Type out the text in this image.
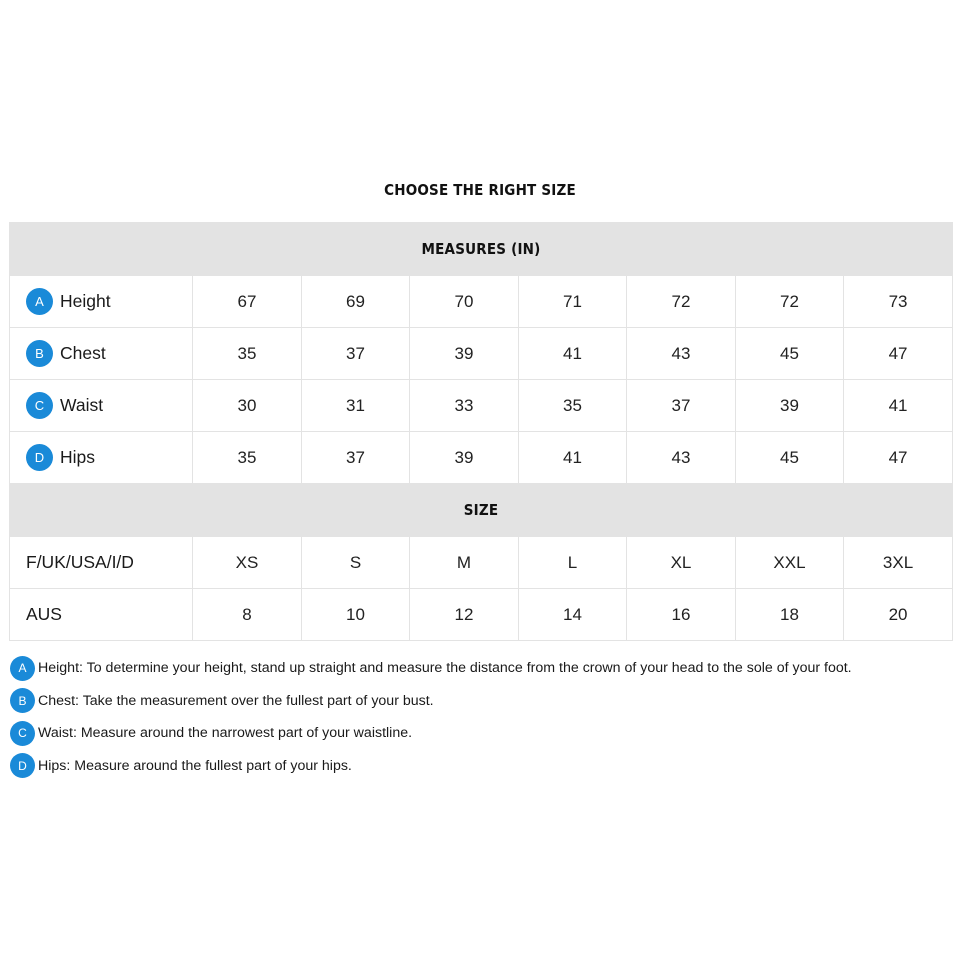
CHOOSE THE RIGHT SIZE
MEASURES (IN)							

A Height	67	69	70	71	72	72	73

B Chest	35	37	39	41	43	45	47

C Waist	30	31	33	35	37	39	41

D Hips	35	37	39	41	43	45	47
SIZE							
F/UK/USA/I/D	XS	S	M	L	XL	XXL	3XL
AUS	8	10	12	14	16	18	20
A Height: To determine your height, stand up straight and measure the distance from the crown of your head to the sole of your foot.
B Chest: Take the measurement over the fullest part of your bust.
C Waist: Measure around the narrowest part of your waistline.
D Hips: Measure around the fullest part of your hips.
